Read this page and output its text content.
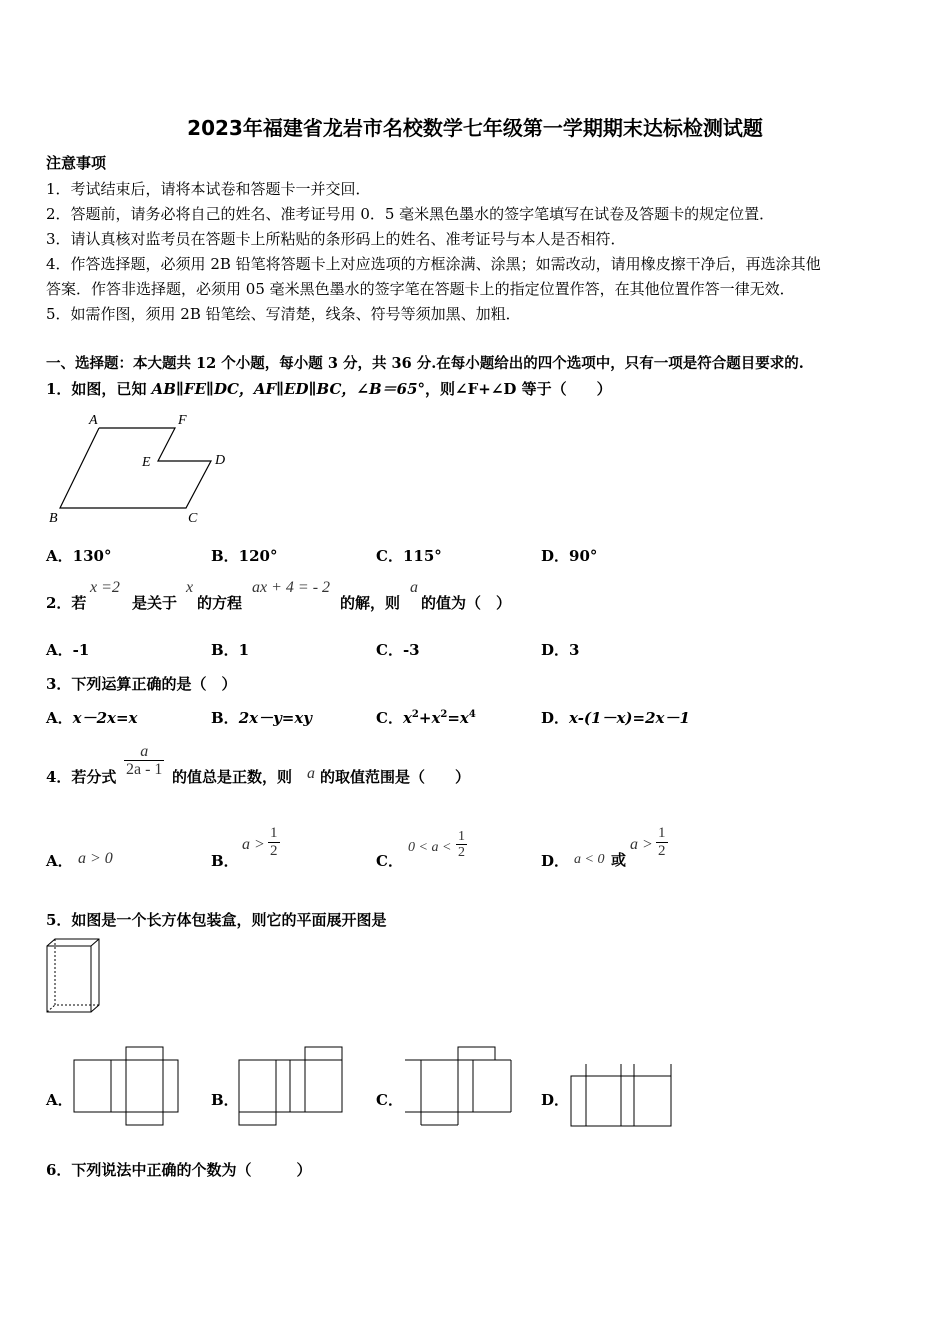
2023年福建省龙岩市名校数学七年级第一学期期末达标检测试题
注意事项
1．考试结束后，请将本试卷和答题卡一并交回．
2．答题前，请务必将自己的姓名、准考证号用 0．5 毫米黑色墨水的签字笔填写在试卷及答题卡的规定位置．
3．请认真核对监考员在答题卡上所粘贴的条形码上的姓名、准考证号与本人是否相符．
4．作答选择题，必须用 2B 铅笔将答题卡上对应选项的方框涂满、涂黑；如需改动，请用橡皮擦干净后，再选涂其他
答案．作答非选择题，必须用 05 毫米黑色墨水的签字笔在答题卡上的指定位置作答，在其他位置作答一律无效．
5．如需作图，须用 2B 铅笔绘、写清楚，线条、符号等须加黑、加粗．
一、选择题：本大题共 12 个小题，每小题 3 分，共 36 分.在每小题给出的四个选项中，只有一项是符合题目要求的.
1．如图，已知 AB∥FE∥DC，AF∥ED∥BC，∠B＝65°，则∠F+∠D 等于（　　）
A	F
E	D
B	C
A．130°	B．120°	C．115°	D．90°
2．若
x =2
是关于
x
的方程
ax + 4 = - 2
的解，则
a
的值为（　）
A．-1	B．1	C．-3	D．3
3．下列运算正确的是（　）
A．x－2x=x	B．2x－y=xy	C．$x^2+x^2=x^4$	D．x-(1－x)=2x－1
4．若分式 $\frac{a}{2a - 1}$ 的值总是正数，则 a 的取值范围是（　　）
A． a > 0	B．
$a > \frac{1}{2}$
C．
$0 < a < \frac{1}{2}$
D． a < 0 或
$a > \frac{1}{2}$
5．如图是一个长方体包装盒，则它的平面展开图是
A．	B．	C．	D．
6．下列说法中正确的个数为（　　　）
